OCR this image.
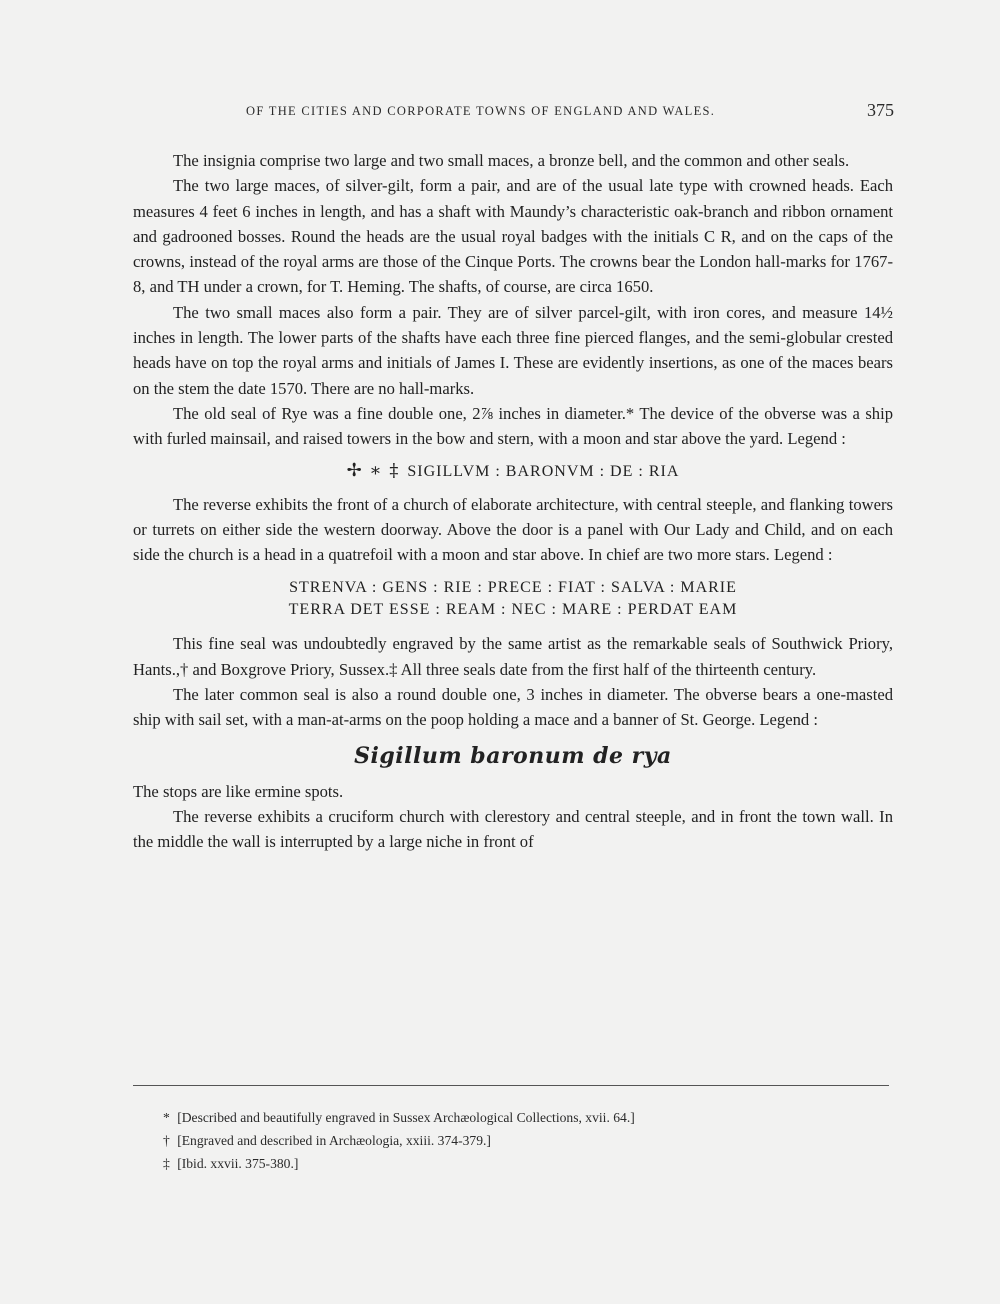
OF THE CITIES AND CORPORATE TOWNS OF ENGLAND AND WALES.	375

The insignia comprise two large and two small maces, a bronze bell, and the common and other seals.

The two large maces, of silver-gilt, form a pair, and are of the usual late type with crowned heads. Each measures 4 feet 6 inches in length, and has a shaft with Maundy’s characteristic oak-branch and ribbon ornament and gadrooned bosses. Round the heads are the usual royal badges with the initials C R, and on the caps of the crowns, instead of the royal arms are those of the Cinque Ports. The crowns bear the London hall-marks for 1767-8, and TH under a crown, for T. Heming. The shafts, of course, are circa 1650.

The two small maces also form a pair. They are of silver parcel-gilt, with iron cores, and measure 14½ inches in length. The lower parts of the shafts have each three fine pierced flanges, and the semi-globular crested heads have on top the royal arms and initials of James I. These are evidently insertions, as one of the maces bears on the stem the date 1570. There are no hall-marks.

The old seal of Rye was a fine double one, 2⅞ inches in diameter.* The device of the obverse was a ship with furled mainsail, and raised towers in the bow and stern, with a moon and star above the yard. Legend :

✢ ∗ ‡ SIGILLVM : BARONVM : DE : RIA

The reverse exhibits the front of a church of elaborate architecture, with central steeple, and flanking towers or turrets on either side the western doorway. Above the door is a panel with Our Lady and Child, and on each side the church is a head in a quatrefoil with a moon and star above. In chief are two more stars. Legend :

STRENVA : GENS : RIE : PRECE : FIAT : SALVA : MARIE
TERRA DET ESSE : REAM : NEC : MARE : PERDAT EAM

This fine seal was undoubtedly engraved by the same artist as the remarkable seals of Southwick Priory, Hants.,† and Boxgrove Priory, Sussex.‡ All three seals date from the first half of the thirteenth century.

The later common seal is also a round double one, 3 inches in diameter. The obverse bears a one-masted ship with sail set, with a man-at-arms on the poop holding a mace and a banner of St. George. Legend :

Sigillum baronum de rya

The stops are like ermine spots.

The reverse exhibits a cruciform church with clerestory and central steeple, and in front the town wall. In the middle the wall is interrupted by a large niche in front of

* [Described and beautifully engraved in Sussex Archæological Collections, xvii. 64.]
† [Engraved and described in Archæologia, xxiii. 374-379.]
‡ [Ibid. xxvii. 375-380.]
